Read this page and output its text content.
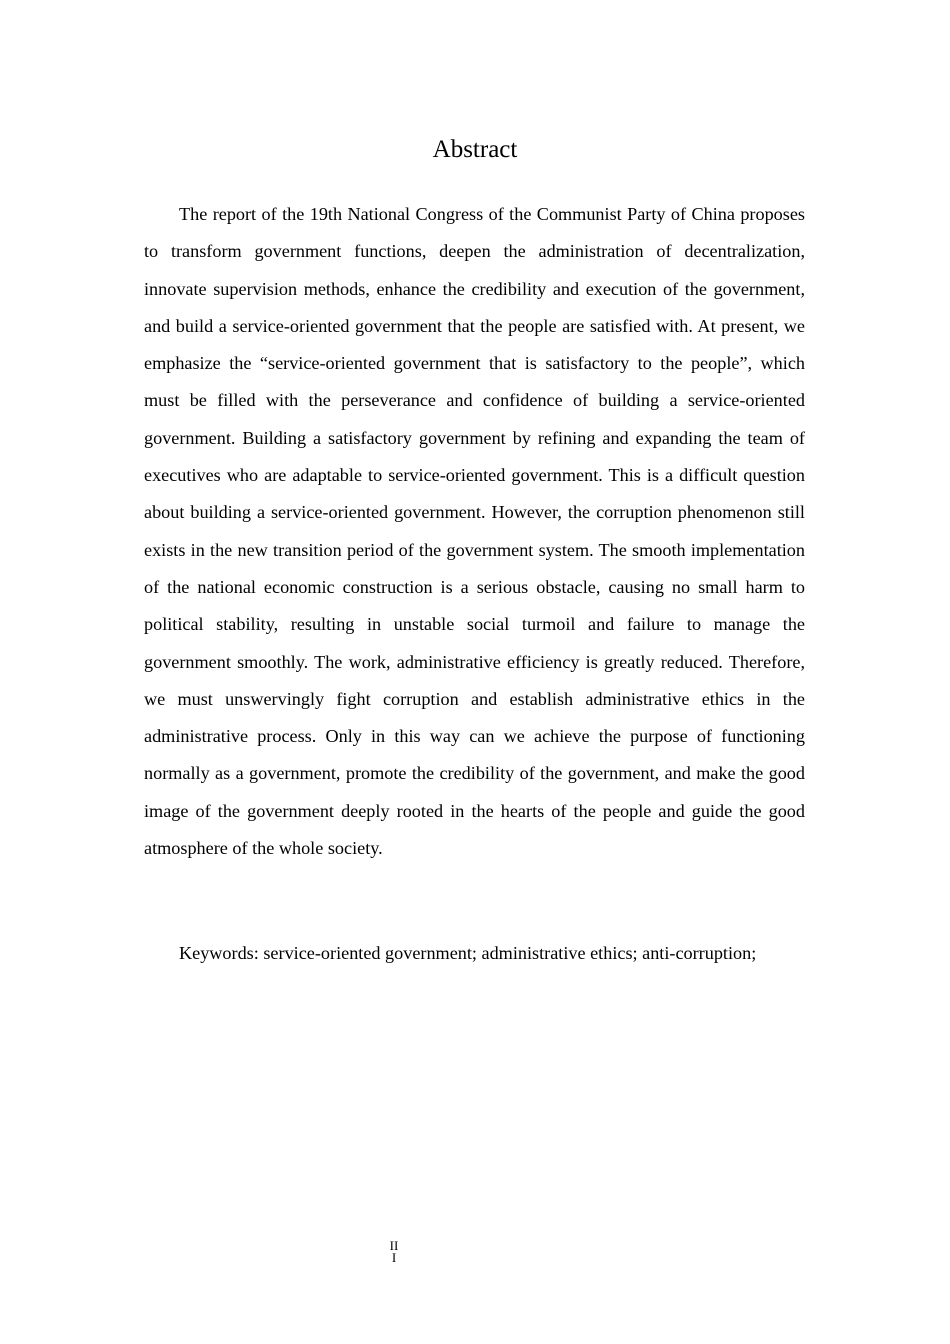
Abstract

The report of the 19th National Congress of the Communist Party of China proposes to transform government functions, deepen the administration of decentralization, innovate supervision methods, enhance the credibility and execution of the government, and build a service-oriented government that the people are satisfied with. At present, we emphasize the “service-oriented government that is satisfactory to the people”, which must be filled with the perseverance and confidence of building a service-oriented government. Building a satisfactory government by refining and expanding the team of executives who are adaptable to service-oriented government. This is a difficult question about building a service-oriented government. However, the corruption phenomenon still exists in the new transition period of the government system. The smooth implementation of the national economic construction is a serious obstacle, causing no small harm to political stability, resulting in unstable social turmoil and failure to manage the government smoothly. The work, administrative efficiency is greatly reduced. Therefore, we must unswervingly fight corruption and establish administrative ethics in the administrative process. Only in this way can we achieve the purpose of functioning normally as a government, promote the credibility of the government, and make the good image of the government deeply rooted in the hearts of the people and guide the good atmosphere of the whole society.

Keywords: service-oriented government; administrative ethics; anti-corruption;

II
I
